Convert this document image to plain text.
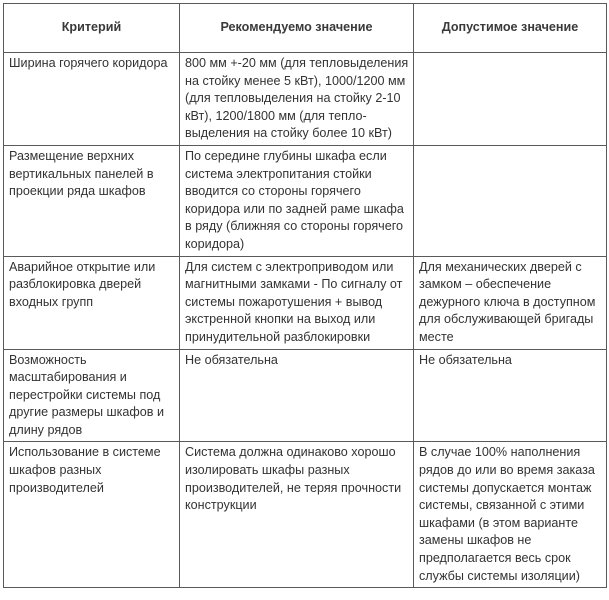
Критерий	Рекомендуемо значение	Допустимое значение
Ширина горячего коридора	800 мм +-20 мм (для тепловыделения на стойку менее 5 кВт), 1000/1200 мм (для тепловыделения на стойку 2-10 кВт), 1200/1800 мм (для тепло-выделения на стойку более 10 кВт)	
Размещение верхних вертикальных панелей в проекции ряда шкафов	По середине глубины шкафа если система электропитания стойки вводится со стороны горячего коридора или по задней раме шкафа в ряду (ближняя со стороны горячего коридора)	
Аварийное открытие или разблокировка дверей входных групп	Для систем с электроприводом или магнитными замками - По сигналу от системы пожаротушения + вывод экстренной кнопки на выход или принудительной разблокировки	Для механических дверей с замком – обеспечение дежурного ключа в доступном для обслуживающей бригады месте
Возможность масштабирования и перестройки системы под другие размеры шкафов и длину рядов	Не обязательна	Не обязательна
Использование в системе шкафов разных производителей	Система должна одинаково хорошо изолировать шкафы разных производителей, не теряя прочности конструкции	В случае 100% наполнения рядов до или во время заказа системы допускается монтаж системы, связанной с этими шкафами (в этом варианте замены шкафов не предполагается весь срок службы системы изоляции)
